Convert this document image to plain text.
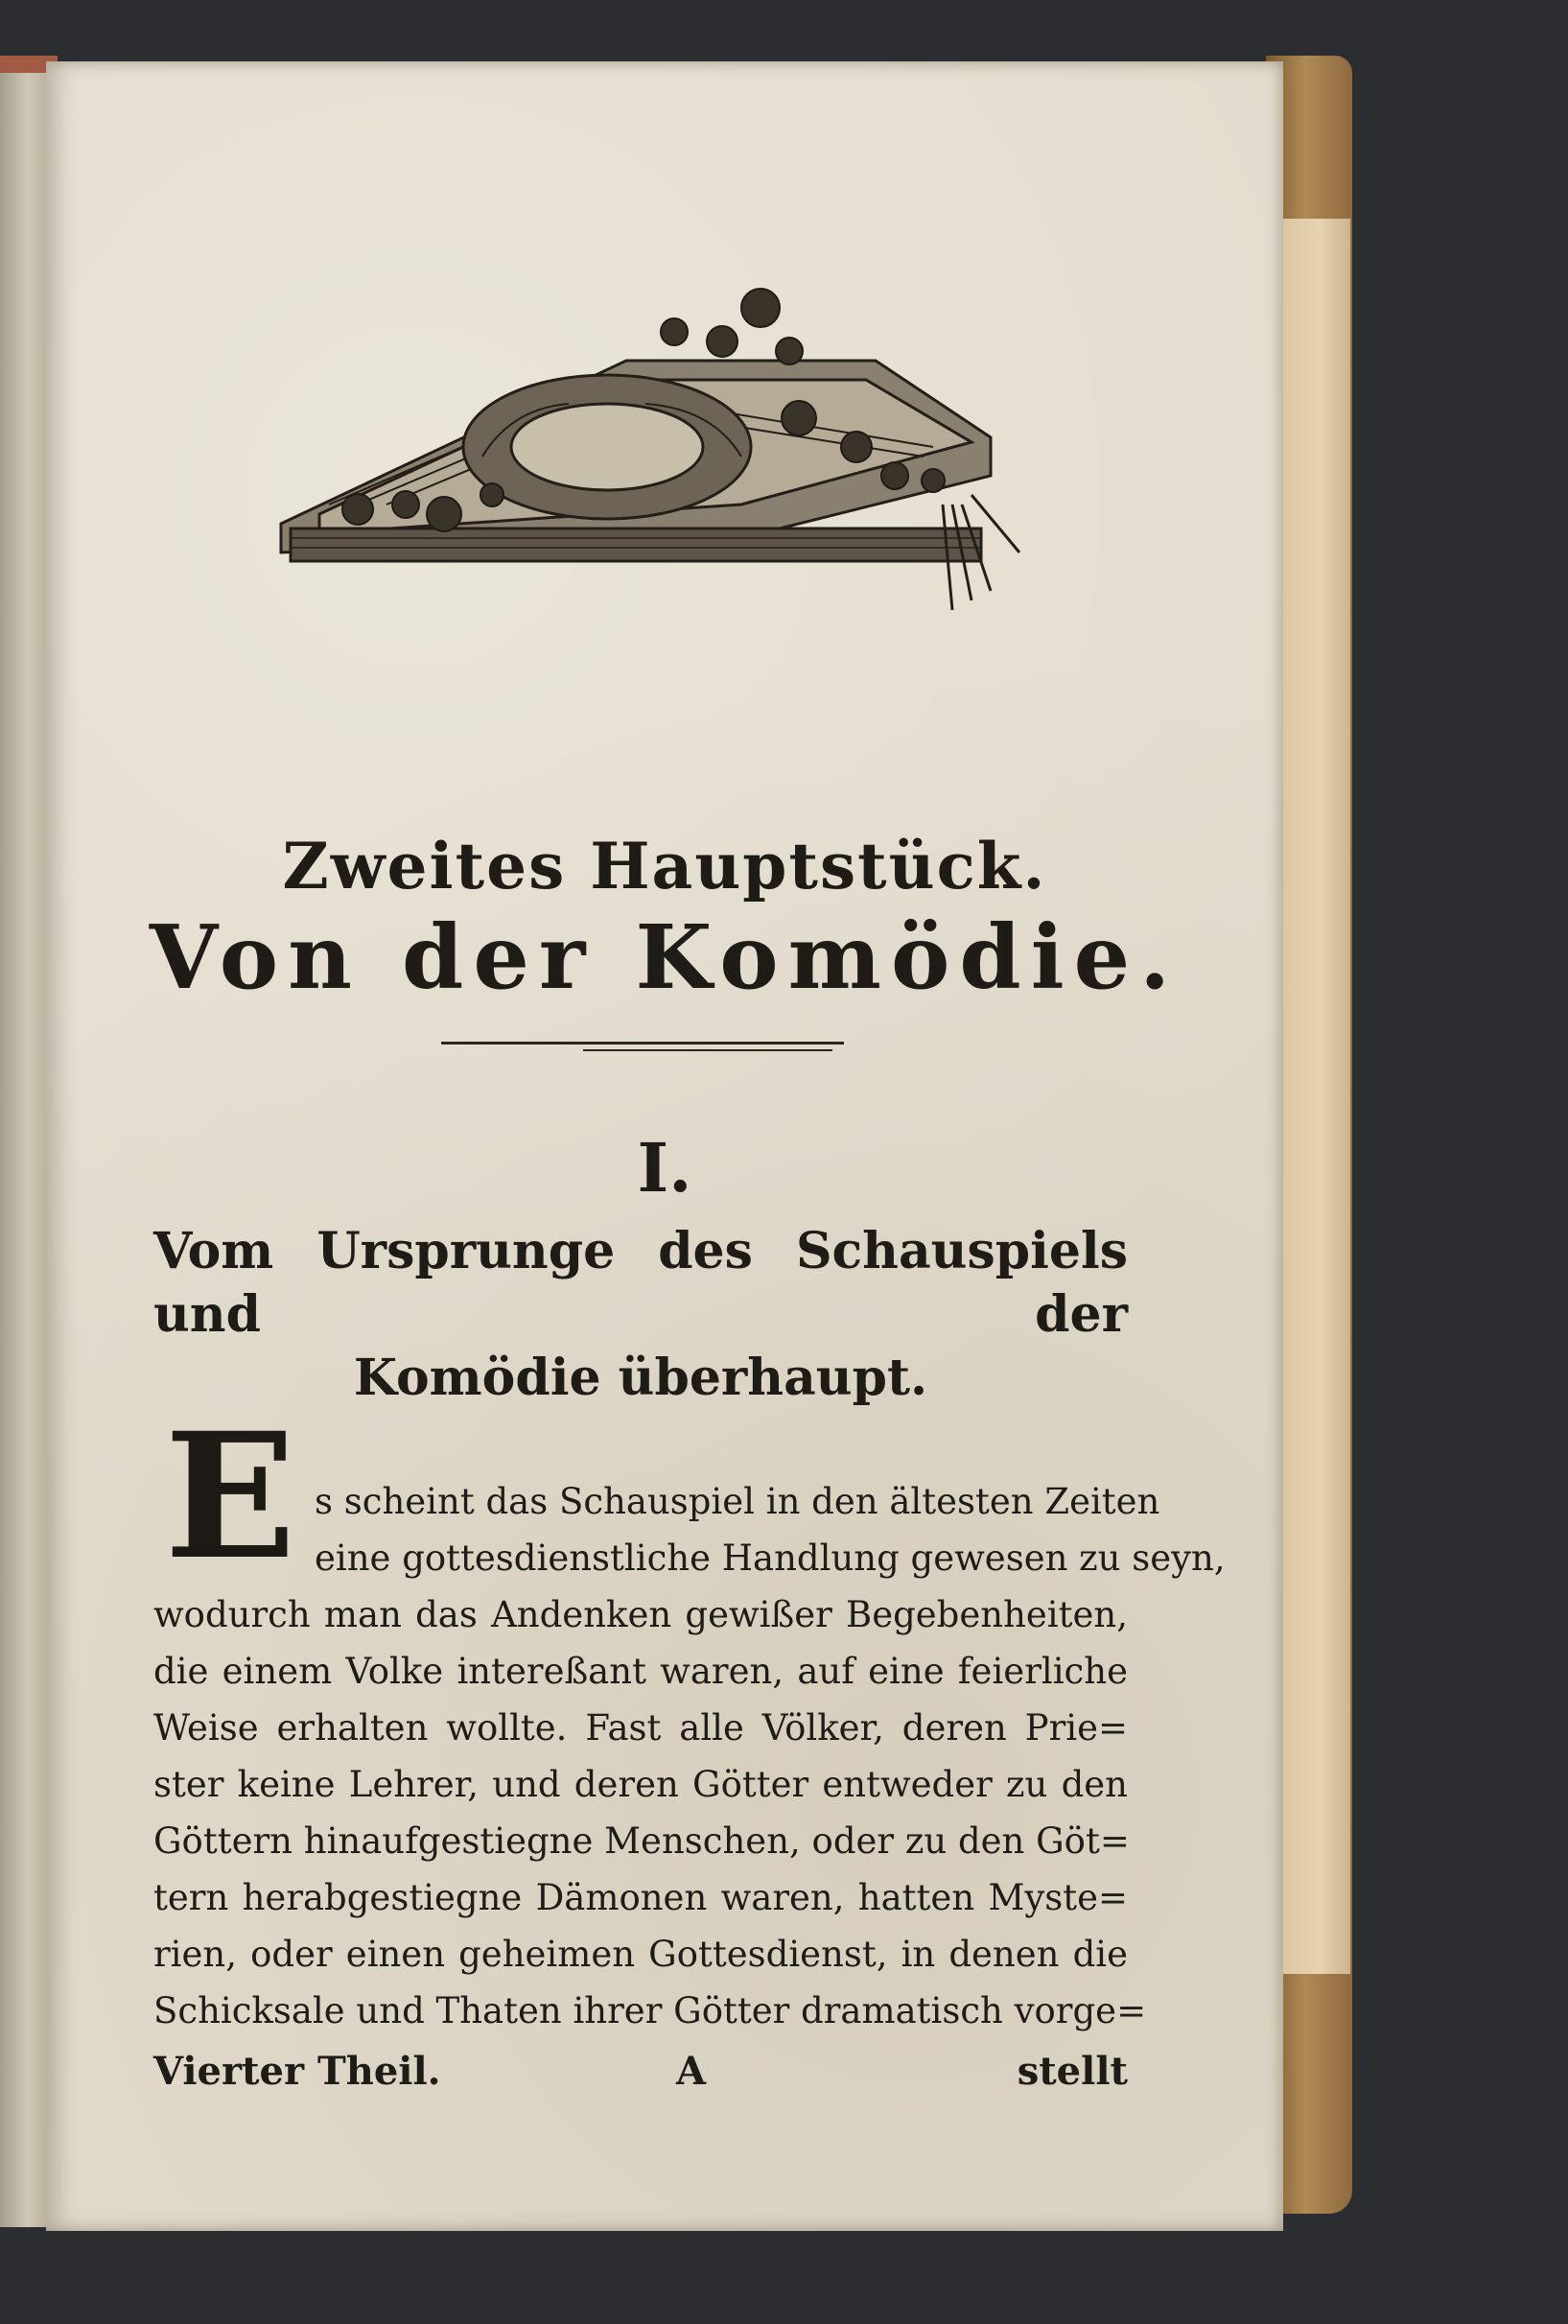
Zweites Hauptstück.
Von der Komödie.
I.
Vom Ursprunge des Schauspiels und der
Komödie überhaupt.
E s scheint das Schauspiel in den ältesten Zeiten
eine gottesdienstliche Handlung gewesen zu seyn,
wodurch man das Andenken gewißer Begebenheiten,
die einem Volke intereßant waren, auf eine feierliche
Weise erhalten wollte. Fast alle Völker, deren Prie=
ster keine Lehrer, und deren Götter entweder zu den
Göttern hinaufgestiegne Menschen, oder zu den Göt=
tern herabgestiegne Dämonen waren, hatten Myste=
rien, oder einen geheimen Gottesdienst, in denen die
Schicksale und Thaten ihrer Götter dramatisch vorge=
Vierter Theil.	A	stellt
